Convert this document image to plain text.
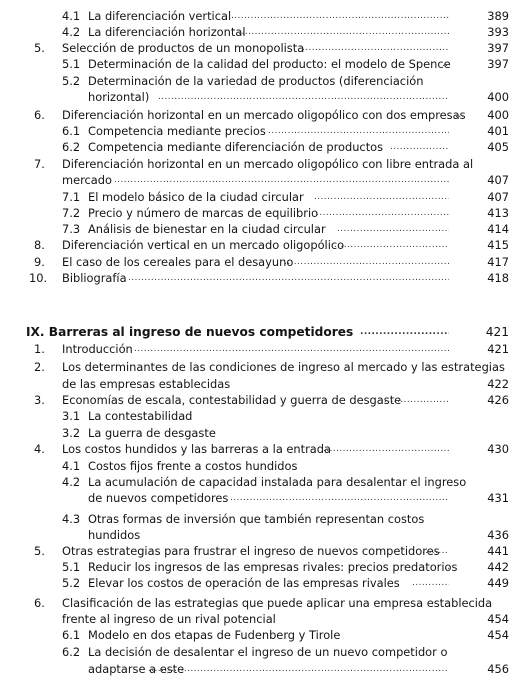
4.1 La diferenciación vertical .....	389
4.2 La diferenciación horizontal .....	393
5. Selección de productos de un monopolista .....	397
5.1 Determinación de la calidad del producto: el modelo de Spence .....	397
5.2 Determinación de la variedad de productos (diferenciación
horizontal) .....	400
6. Diferenciación horizontal en un mercado oligopólico con dos empresas .....	400
6.1 Competencia mediante precios .....	401
6.2 Competencia mediante diferenciación de productos .....	405
7. Diferenciación horizontal en un mercado oligopólico con libre entrada al
mercado .....	407
7.1 El modelo básico de la ciudad circular .....	407
7.2 Precio y número de marcas de equilibrio .....	413
7.3 Análisis de bienestar en la ciudad circular .....	414
8. Diferenciación vertical en un mercado oligopólico .....	415
9. El caso de los cereales para el desayuno .....	417
10. Bibliografía .....	418
IX. Barreras al ingreso de nuevos competidores .....	421
1. Introducción .....	421
2. Los determinantes de las condiciones de ingreso al mercado y las estrategias
de las empresas establecidas	422
3. Economías de escala, contestabilidad y guerra de desgaste .....	426
3.1 La contestabilidad
3.2 La guerra de desgaste
4. Los costos hundidos y las barreras a la entrada .....	430
4.1 Costos fijos frente a costos hundidos
4.2 La acumulación de capacidad instalada para desalentar el ingreso
de nuevos competidores .....	431
4.3 Otras formas de inversión que también representan costos
hundidos	436
5. Otras estrategias para frustrar el ingreso de nuevos competidores .....	441
5.1 Reducir los ingresos de las empresas rivales: precios predatorios .....	442
5.2 Elevar los costos de operación de las empresas rivales .....	449
6. Clasificación de las estrategias que puede aplicar una empresa establecida
frente al ingreso de un rival potencial	454
6.1 Modelo en dos etapas de Fudenberg y Tirole	454
6.2 La decisión de desalentar el ingreso de un nuevo competidor o
adaptarse a este .....	456
